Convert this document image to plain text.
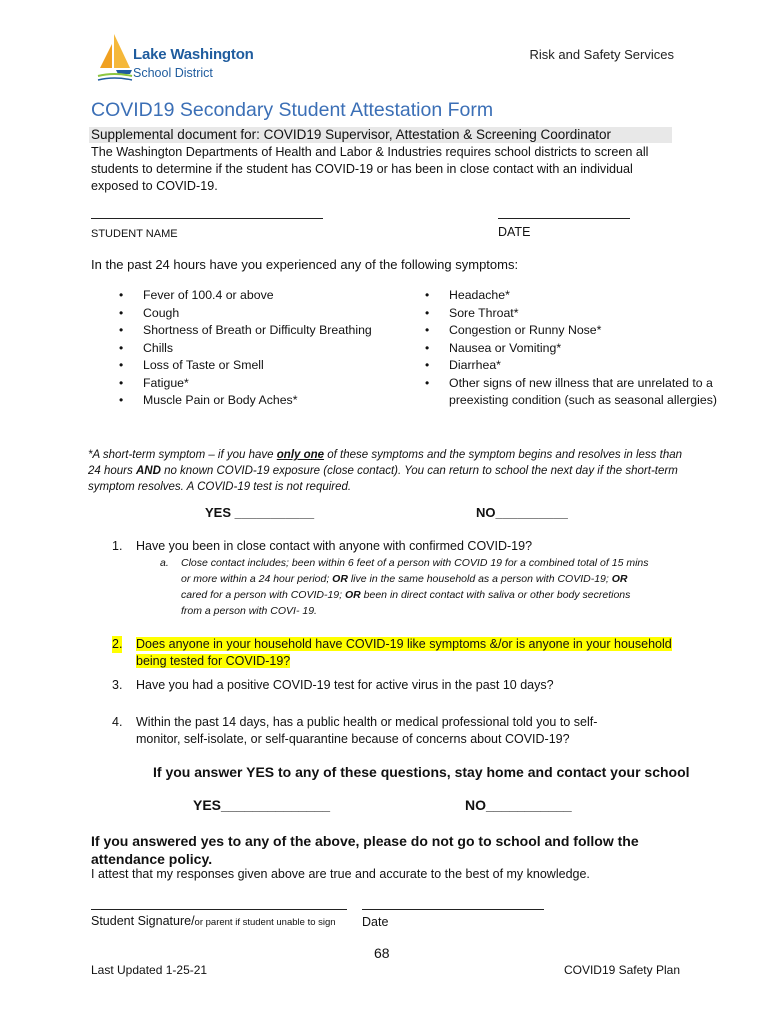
Lake Washington
School District
Risk and Safety Services
COVID19 Secondary Student Attestation Form
Supplemental document for: COVID19 Supervisor, Attestation & Screening Coordinator
The Washington Departments of Health and Labor & Industries requires school districts to screen all students to determine if the student has COVID-19 or has been in close contact with an individual exposed to COVID-19.
STUDENT NAME	DATE
In the past 24 hours have you experienced any of the following symptoms:
• Fever of 100.4 or above
• Cough
• Shortness of Breath or Difficulty Breathing
• Chills
• Loss of Taste or Smell
• Fatigue*
• Muscle Pain or Body Aches*
• Headache*
• Sore Throat*
• Congestion or Runny Nose*
• Nausea or Vomiting*
• Diarrhea*
• Other signs of new illness that are unrelated to a preexisting condition (such as seasonal allergies)
*A short-term symptom – if you have only one of these symptoms and the symptom begins and resolves in less than 24 hours AND no known COVID-19 exposure (close contact). You can return to school the next day if the short-term symptom resolves. A COVID-19 test is not required.
YES ___________	NO__________
1. Have you been in close contact with anyone with confirmed COVID-19?
a. Close contact includes; been within 6 feet of a person with COVID 19 for a combined total of 15 mins or more within a 24 hour period; OR live in the same household as a person with COVID-19; OR cared for a person with COVID-19; OR been in direct contact with saliva or other body secretions from a person with COVI- 19.
2. Does anyone in your household have COVID-19 like symptoms &/or is anyone in your household being tested for COVID-19?
3. Have you had a positive COVID-19 test for active virus in the past 10 days?
4. Within the past 14 days, has a public health or medical professional told you to self-monitor, self-isolate, or self-quarantine because of concerns about COVID-19?
If you answer YES to any of these questions, stay home and contact your school
YES______________	NO___________
If you answered yes to any of the above, please do not go to school and follow the attendance policy.
I attest that my responses given above are true and accurate to the best of my knowledge.
Student Signature/or parent if student unable to sign Date
68
Last Updated 1-25-21	COVID19 Safety Plan
